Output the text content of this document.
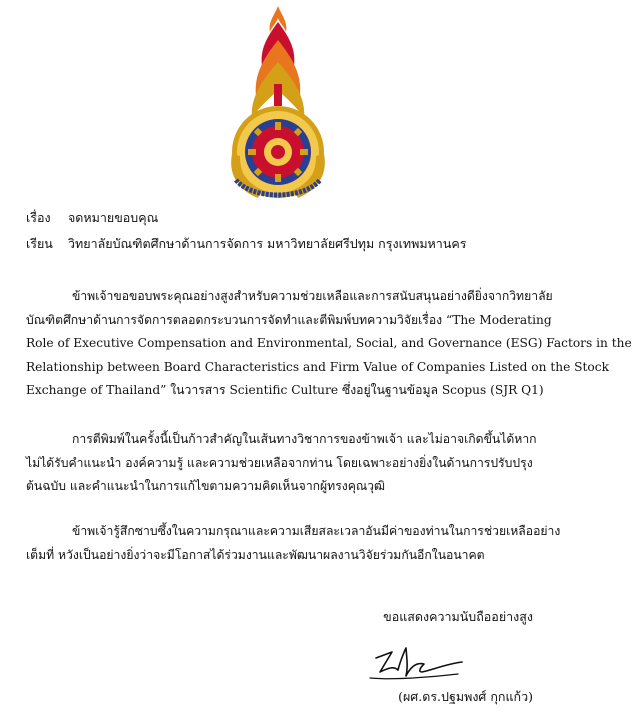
เรื่อง จดหมายขอบคุณ
เรียน วิทยาลัยบัณฑิตศึกษาด้านการจัดการ มหาวิทยาลัยศรีปทุม กรุงเทพมหานคร
ข้าพเจ้าขอขอบพระคุณอย่างสูงสำหรับความช่วยเหลือและการสนับสนุนอย่างดียิ่งจากวิทยาลัย
บัณฑิตศึกษาด้านการจัดการตลอดกระบวนการจัดทำและตีพิมพ์บทความวิจัยเรื่อง “The Moderating
Role of Executive Compensation and Environmental, Social, and Governance (ESG) Factors in the
Relationship between Board Characteristics and Firm Value of Companies Listed on the Stock
Exchange of Thailand” ในวารสาร Scientific Culture ซึ่งอยู่ในฐานข้อมูล Scopus (SJR Q1)
การตีพิมพ์ในครั้งนี้เป็นก้าวสำคัญในเส้นทางวิชาการของข้าพเจ้า และไม่อาจเกิดขึ้นได้หาก
ไม่ได้รับคำแนะนำ องค์ความรู้ และความช่วยเหลือจากท่าน โดยเฉพาะอย่างยิ่งในด้านการปรับปรุง
ต้นฉบับ และคำแนะนำในการแก้ไขตามความคิดเห็นจากผู้ทรงคุณวุฒิ
ข้าพเจ้ารู้สึกซาบซึ้งในความกรุณาและความเสียสละเวลาอันมีค่าของท่านในการช่วยเหลืออย่าง
เต็มที่ หวังเป็นอย่างยิ่งว่าจะมีโอกาสได้ร่วมงานและพัฒนาผลงานวิจัยร่วมกันอีกในอนาคต
ขอแสดงความนับถืออย่างสูง
(ผศ.ดร.ปฐมพงศ์ กุกแก้ว)
